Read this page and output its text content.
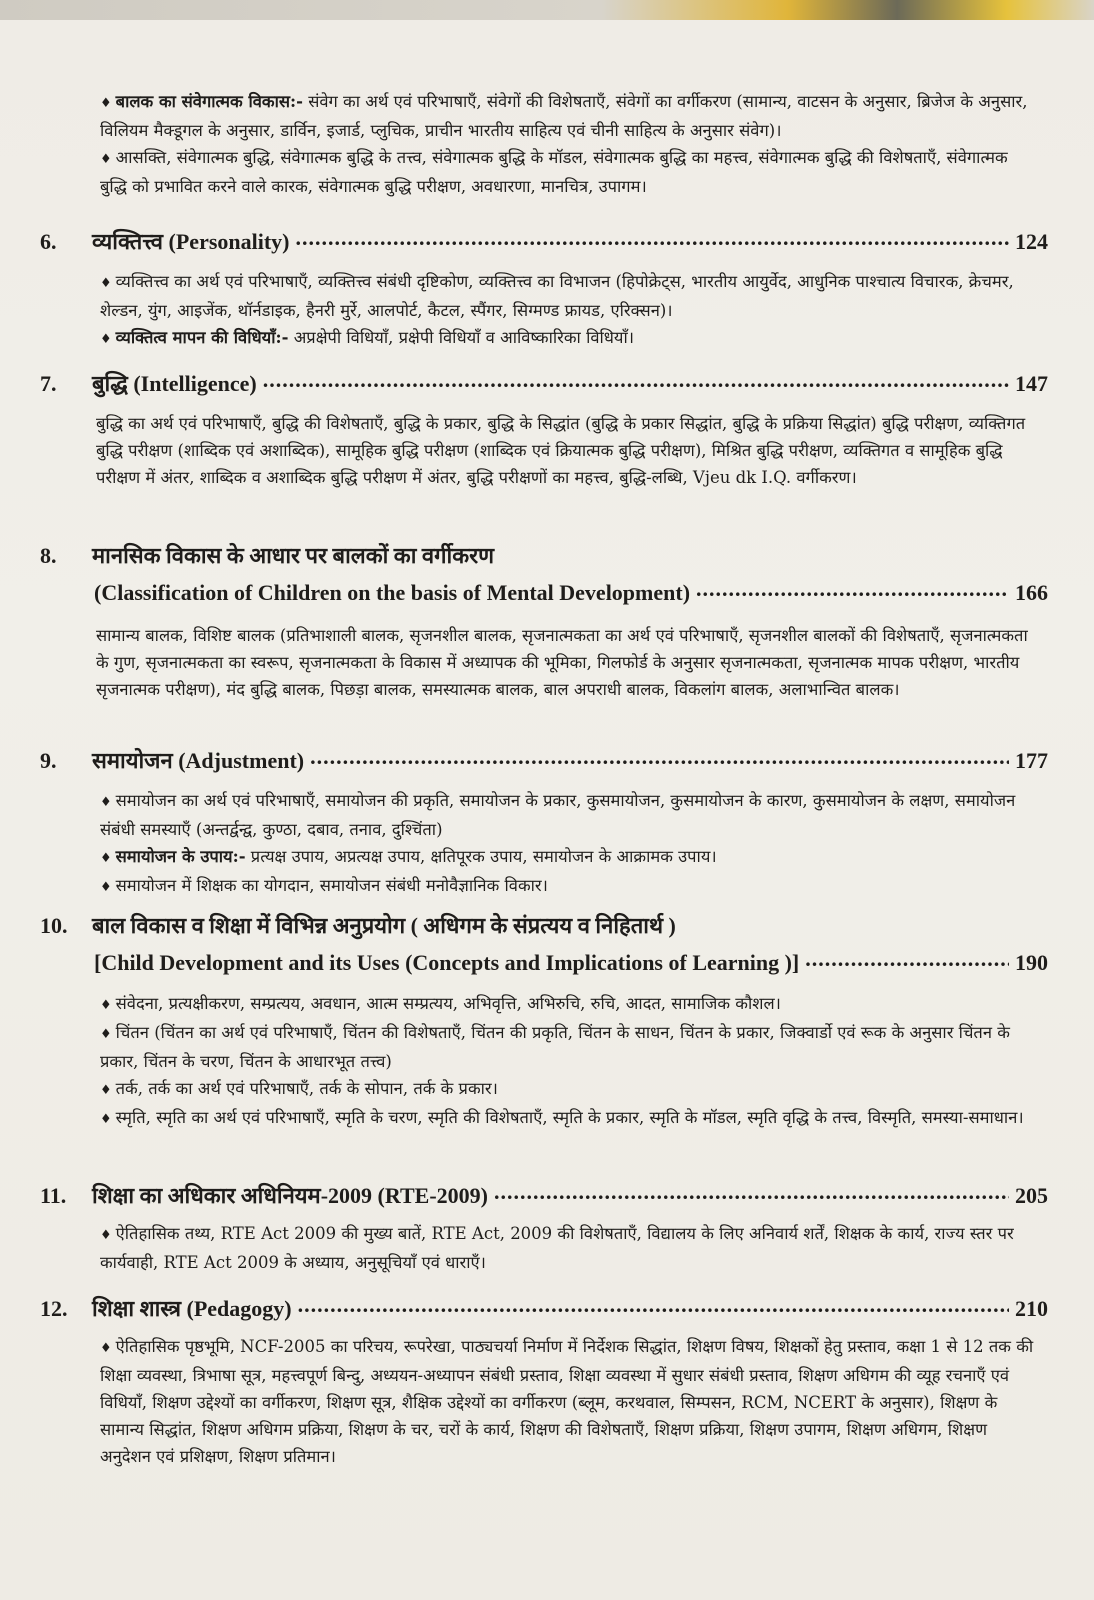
♦ बालक का संवेगात्मक विकास:- संवेग का अर्थ एवं परिभाषाएँ, संवेगों की विशेषताएँ, संवेगों का वर्गीकरण (सामान्य, वाटसन के अनुसार, ब्रिजेज के अनुसार, विलियम मैक्डूगल के अनुसार, डार्विन, इजार्ड, प्लुचिक, प्राचीन भारतीय साहित्य एवं चीनी साहित्य के अनुसार संवेग)।

♦ आसक्ति, संवेगात्मक बुद्धि, संवेगात्मक बुद्धि के तत्त्व, संवेगात्मक बुद्धि के मॉडल, संवेगात्मक बुद्धि का महत्त्व, संवेगात्मक बुद्धि की विशेषताएँ, संवेगात्मक बुद्धि को प्रभावित करने वाले कारक, संवेगात्मक बुद्धि परीक्षण, अवधारणा, मानचित्र, उपागम।

6.	व्यक्तित्त्व (Personality) .....	124

♦ व्यक्तित्त्व का अर्थ एवं परिभाषाएँ, व्यक्तित्त्व संबंधी दृष्टिकोण, व्यक्तित्त्व का विभाजन (हिपोक्रेट्स, भारतीय आयुर्वेद, आधुनिक पाश्चात्य विचारक, क्रेचमर, शेल्डन, युंग, आइजेंक, थॉर्नडाइक, हैनरी मुर्रे, आलपोर्ट, कैटल, स्पैंगर, सिग्मण्ड फ्रायड, एरिक्सन)।

♦ व्यक्तित्व मापन की विधियाँ:- अप्रक्षेपी विधियाँ, प्रक्षेपी विधियाँ व आविष्कारिका विधियाँ।

7.	बुद्धि (Intelligence) .....	147

बुद्धि का अर्थ एवं परिभाषाएँ, बुद्धि की विशेषताएँ, बुद्धि के प्रकार, बुद्धि के सिद्धांत (बुद्धि के प्रकार सिद्धांत, बुद्धि के प्रक्रिया सिद्धांत) बुद्धि परीक्षण, व्यक्तिगत बुद्धि परीक्षण (शाब्दिक एवं अशाब्दिक), सामूहिक बुद्धि परीक्षण (शाब्दिक एवं क्रियात्मक बुद्धि परीक्षण), मिश्रित बुद्धि परीक्षण, व्यक्तिगत व सामूहिक बुद्धि परीक्षण में अंतर, शाब्दिक व अशाब्दिक बुद्धि परीक्षण में अंतर, बुद्धि परीक्षणों का महत्त्व, बुद्धि-लब्धि, Vjeu dk I.Q. वर्गीकरण।

8.	मानसिक विकास के आधार पर बालकों का वर्गीकरण
(Classification of Children on the basis of Mental Development) .....	166

सामान्य बालक, विशिष्ट बालक (प्रतिभाशाली बालक, सृजनशील बालक, सृजनात्मकता का अर्थ एवं परिभाषाएँ, सृजनशील बालकों की विशेषताएँ, सृजनात्मकता के गुण, सृजनात्मकता का स्वरूप, सृजनात्मकता के विकास में अध्यापक की भूमिका, गिलफोर्ड के अनुसार सृजनात्मकता, सृजनात्मक मापक परीक्षण, भारतीय सृजनात्मक परीक्षण), मंद बुद्धि बालक, पिछड़ा बालक, समस्यात्मक बालक, बाल अपराधी बालक, विकलांग बालक, अलाभान्वित बालक।

9.	समायोजन (Adjustment) .....	177

♦ समायोजन का अर्थ एवं परिभाषाएँ, समायोजन की प्रकृति, समायोजन के प्रकार, कुसमायोजन, कुसमायोजन के कारण, कुसमायोजन के लक्षण, समायोजन संबंधी समस्याएँ (अन्तर्द्वन्द्व, कुण्ठा, दबाव, तनाव, दुश्चिंता)

♦ समायोजन के उपाय:- प्रत्यक्ष उपाय, अप्रत्यक्ष उपाय, क्षतिपूरक उपाय, समायोजन के आक्रामक उपाय।

♦ समायोजन में शिक्षक का योगदान, समायोजन संबंधी मनोवैज्ञानिक विकार।

10.	बाल विकास व शिक्षा में विभिन्न अनुप्रयोग ( अधिगम के संप्रत्यय व निहितार्थ )
[Child Development and its Uses (Concepts and Implications of Learning )] .....	190

♦ संवेदना, प्रत्यक्षीकरण, सम्प्रत्यय, अवधान, आत्म सम्प्रत्यय, अभिवृत्ति, अभिरुचि, रुचि, आदत, सामाजिक कौशल।

♦ चिंतन (चिंतन का अर्थ एवं परिभाषाएँ, चिंतन की विशेषताएँ, चिंतन की प्रकृति, चिंतन के साधन, चिंतन के प्रकार, जिक्वार्डो एवं रूक के अनुसार चिंतन के प्रकार, चिंतन के चरण, चिंतन के आधारभूत तत्त्व)

♦ तर्क, तर्क का अर्थ एवं परिभाषाएँ, तर्क के सोपान, तर्क के प्रकार।

♦ स्मृति, स्मृति का अर्थ एवं परिभाषाएँ, स्मृति के चरण, स्मृति की विशेषताएँ, स्मृति के प्रकार, स्मृति के मॉडल, स्मृति वृद्धि के तत्त्व, विस्मृति, समस्या-समाधान।

11.	शिक्षा का अधिकार अधिनियम-2009 (RTE-2009) .....	205

♦ ऐतिहासिक तथ्य, RTE Act 2009 की मुख्य बातें, RTE Act, 2009 की विशेषताएँ, विद्यालय के लिए अनिवार्य शर्तें, शिक्षक के कार्य, राज्य स्तर पर कार्यवाही, RTE Act 2009 के अध्याय, अनुसूचियाँ एवं धाराएँ।

12.	शिक्षा शास्त्र (Pedagogy) .....	210

♦ ऐतिहासिक पृष्ठभूमि, NCF-2005 का परिचय, रूपरेखा, पाठ्यचर्या निर्माण में निर्देशक सिद्धांत, शिक्षण विषय, शिक्षकों हेतु प्रस्ताव, कक्षा 1 से 12 तक की शिक्षा व्यवस्था, त्रिभाषा सूत्र, महत्त्वपूर्ण बिन्दु, अध्ययन-अध्यापन संबंधी प्रस्ताव, शिक्षा व्यवस्था में सुधार संबंधी प्रस्ताव, शिक्षण अधिगम की व्यूह रचनाएँ एवं विधियाँ, शिक्षण उद्देश्यों का वर्गीकरण, शिक्षण सूत्र, शैक्षिक उद्देश्यों का वर्गीकरण (ब्लूम, करथवाल, सिम्पसन, RCM, NCERT के अनुसार), शिक्षण के सामान्य सिद्धांत, शिक्षण अधिगम प्रक्रिया, शिक्षण के चर, चरों के कार्य, शिक्षण की विशेषताएँ, शिक्षण प्रक्रिया, शिक्षण उपागम, शिक्षण अधिगम, शिक्षण अनुदेशन एवं प्रशिक्षण, शिक्षण प्रतिमान।
